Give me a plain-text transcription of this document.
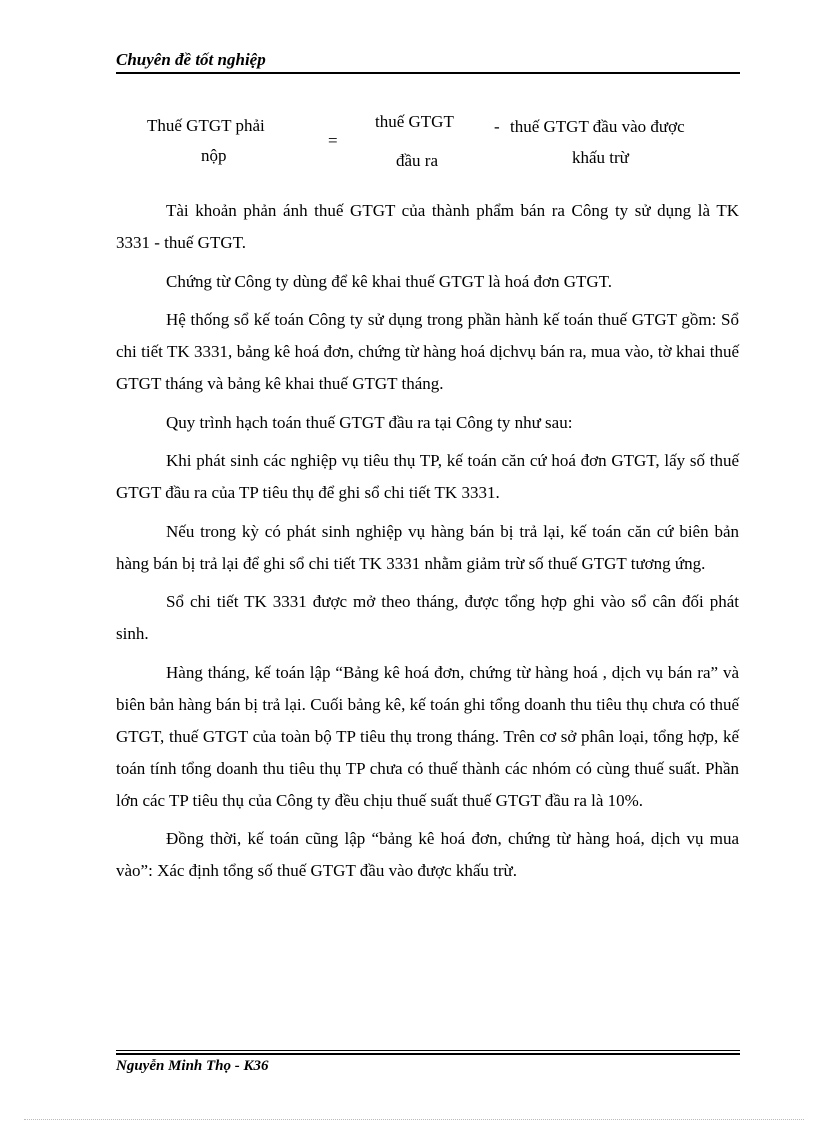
Chuyên đề tốt nghiệp
Thuế GTGT phải
nộp
=
thuế GTGT
đầu ra
- thuế GTGT đầu vào được
khấu trừ

Tài khoản phản ánh thuế GTGT của thành phẩm bán ra Công ty sử dụng là TK 3331 - thuế GTGT.

Chứng từ Công ty dùng để kê khai thuế GTGT là hoá đơn GTGT.

Hệ thống sổ kế toán Công ty sử dụng trong phần hành kế toán thuế GTGT gồm: Sổ chi tiết TK 3331, bảng kê hoá đơn, chứng từ hàng hoá dịchvụ bán ra, mua vào, tờ khai thuế GTGT tháng và bảng kê khai thuế GTGT tháng.

Quy trình hạch toán thuế GTGT đầu ra tại Công ty như sau:

Khi phát sinh các nghiệp vụ tiêu thụ TP, kế toán căn cứ hoá đơn GTGT, lấy số thuế GTGT đầu ra của TP tiêu thụ để ghi sổ chi tiết TK 3331.

Nếu trong kỳ có phát sinh nghiệp vụ hàng bán bị trả lại, kế toán căn cứ biên bản hàng bán bị trả lại để ghi sổ chi tiết TK 3331 nhằm giảm trừ số thuế GTGT tương ứng.

Sổ chi tiết TK 3331 được mở theo tháng, được tổng hợp ghi vào sổ cân đối phát sinh.

Hàng tháng, kế toán lập “Bảng kê hoá đơn, chứng từ hàng hoá , dịch vụ bán ra” và biên bản hàng bán bị trả lại. Cuối bảng kê, kế toán ghi tổng doanh thu tiêu thụ chưa có thuế GTGT, thuế GTGT của toàn bộ TP tiêu thụ trong tháng. Trên cơ sở phân loại, tổng hợp, kế toán tính tổng doanh thu tiêu thụ TP chưa có thuế thành các nhóm có cùng thuế suất. Phần lớn các TP tiêu thụ của Công ty đều chịu thuế suất thuế GTGT đầu ra là 10%.

Đồng thời, kế toán cũng lập “bảng kê hoá đơn, chứng từ hàng hoá, dịch vụ mua vào”: Xác định tổng số thuế GTGT đầu vào được khấu trừ.

Nguyễn Minh Thọ - K36
